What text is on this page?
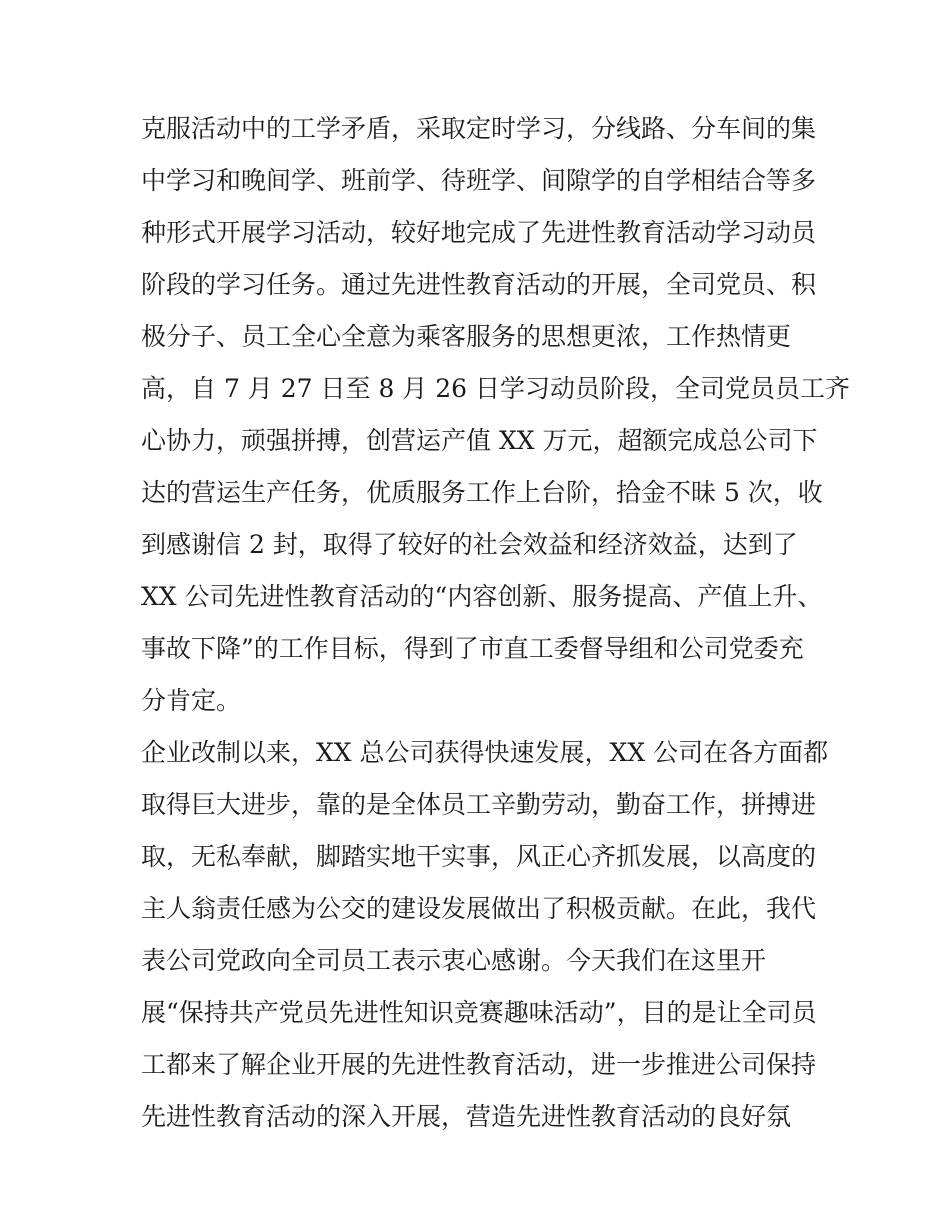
克服活动中的工学矛盾，采取定时学习，分线路、分车间的集
中学习和晚间学、班前学、待班学、间隙学的自学相结合等多
种形式开展学习活动，较好地完成了先进性教育活动学习动员
阶段的学习任务。通过先进性教育活动的开展，全司党员、积
极分子、员工全心全意为乘客服务的思想更浓，工作热情更
高，自 7 月 27 日至 8 月 26 日学习动员阶段，全司党员员工齐
心协力，顽强拼搏，创营运产值 XX 万元，超额完成总公司下
达的营运生产任务，优质服务工作上台阶，拾金不昧 5 次，收
到感谢信 2 封，取得了较好的社会效益和经济效益，达到了
XX 公司先进性教育活动的“内容创新、服务提高、产值上升、
事故下降”的工作目标，得到了市直工委督导组和公司党委充
分肯定。
企业改制以来，XX 总公司获得快速发展，XX 公司在各方面都
取得巨大进步，靠的是全体员工辛勤劳动，勤奋工作，拼搏进
取，无私奉献，脚踏实地干实事，风正心齐抓发展，以高度的
主人翁责任感为公交的建设发展做出了积极贡献。在此，我代
表公司党政向全司员工表示衷心感谢。今天我们在这里开
展“保持共产党员先进性知识竞赛趣味活动”，目的是让全司员
工都来了解企业开展的先进性教育活动，进一步推进公司保持
先进性教育活动的深入开展，营造先进性教育活动的良好氛
